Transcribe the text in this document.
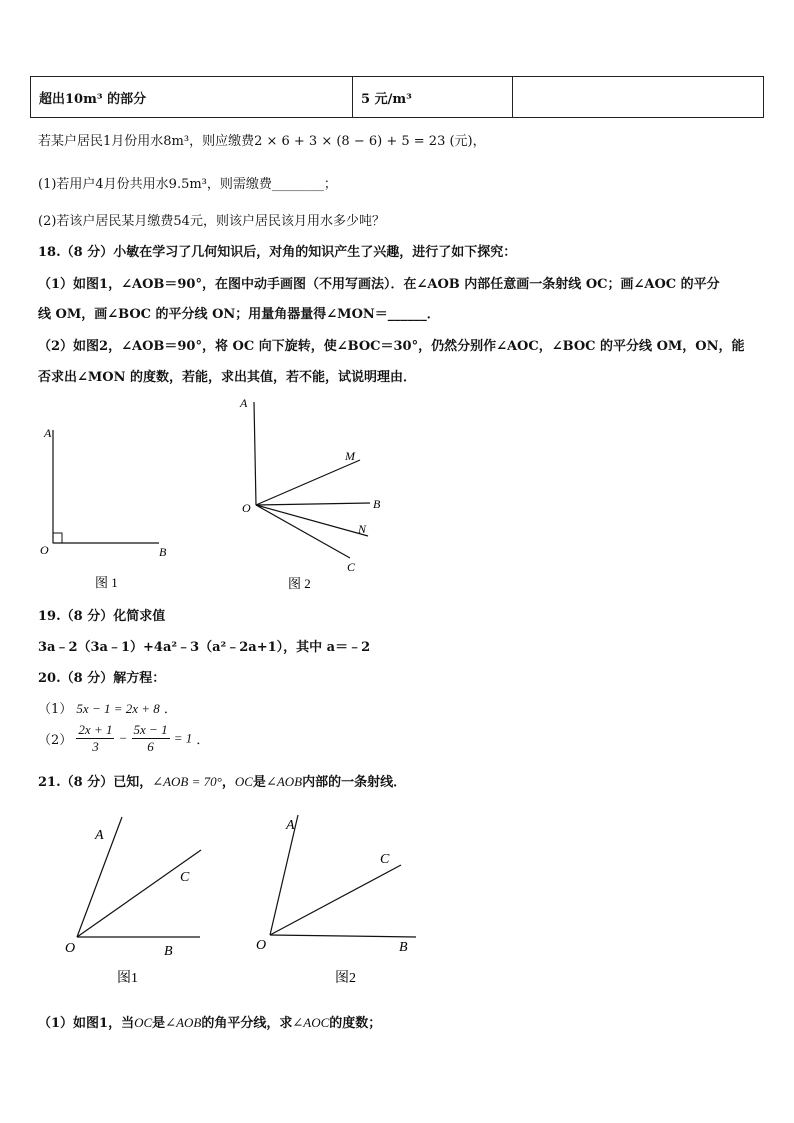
超出10m³ 的部分	5 元/m³	
若某户居民1月份用水8m³，则应缴费2 × 6 + 3 × (8 − 6) + 5 = 23 (元)，
(1)若用户4月份共用水9.5m³，则需缴费________；
(2)若该户居民某月缴费54元，则该户居民该月用水多少吨？
18.（8 分）小敏在学习了几何知识后，对角的知识产生了兴趣，进行了如下探究：
（1）如图1，∠AOB＝90°，在图中动手画图（不用写画法）．在∠AOB 内部任意画一条射线 OC；画∠AOC 的平分
线 OM，画∠BOC 的平分线 ON；用量角器量得∠MON＝______．
（2）如图2，∠AOB＝90°，将 OC 向下旋转，使∠BOC＝30°，仍然分别作∠AOC，∠BOC 的平分线 OM，ON，能
否求出∠MON 的度数，若能，求出其值，若不能，试说明理由．
A
O	B
图 1
A
M
B
N
C
O
图 2
19.（8 分）化简求值
3a﹣2（3a﹣1）+4a²﹣3（a²﹣2a+1），其中 a＝﹣2
20.（8 分）解方程：
（1） 5x − 1 = 2x + 8 ．
$(2) \frac{2x + 1}{3} - \frac{5x - 1}{6} = 1$ ．
21.（8 分）已知，∠AOB = 70°，OC是∠AOB内部的一条射线．
A
C
O	B
图1
A
C
O	B
图2
（1）如图1，当OC是∠AOB的角平分线，求∠AOC的度数；
